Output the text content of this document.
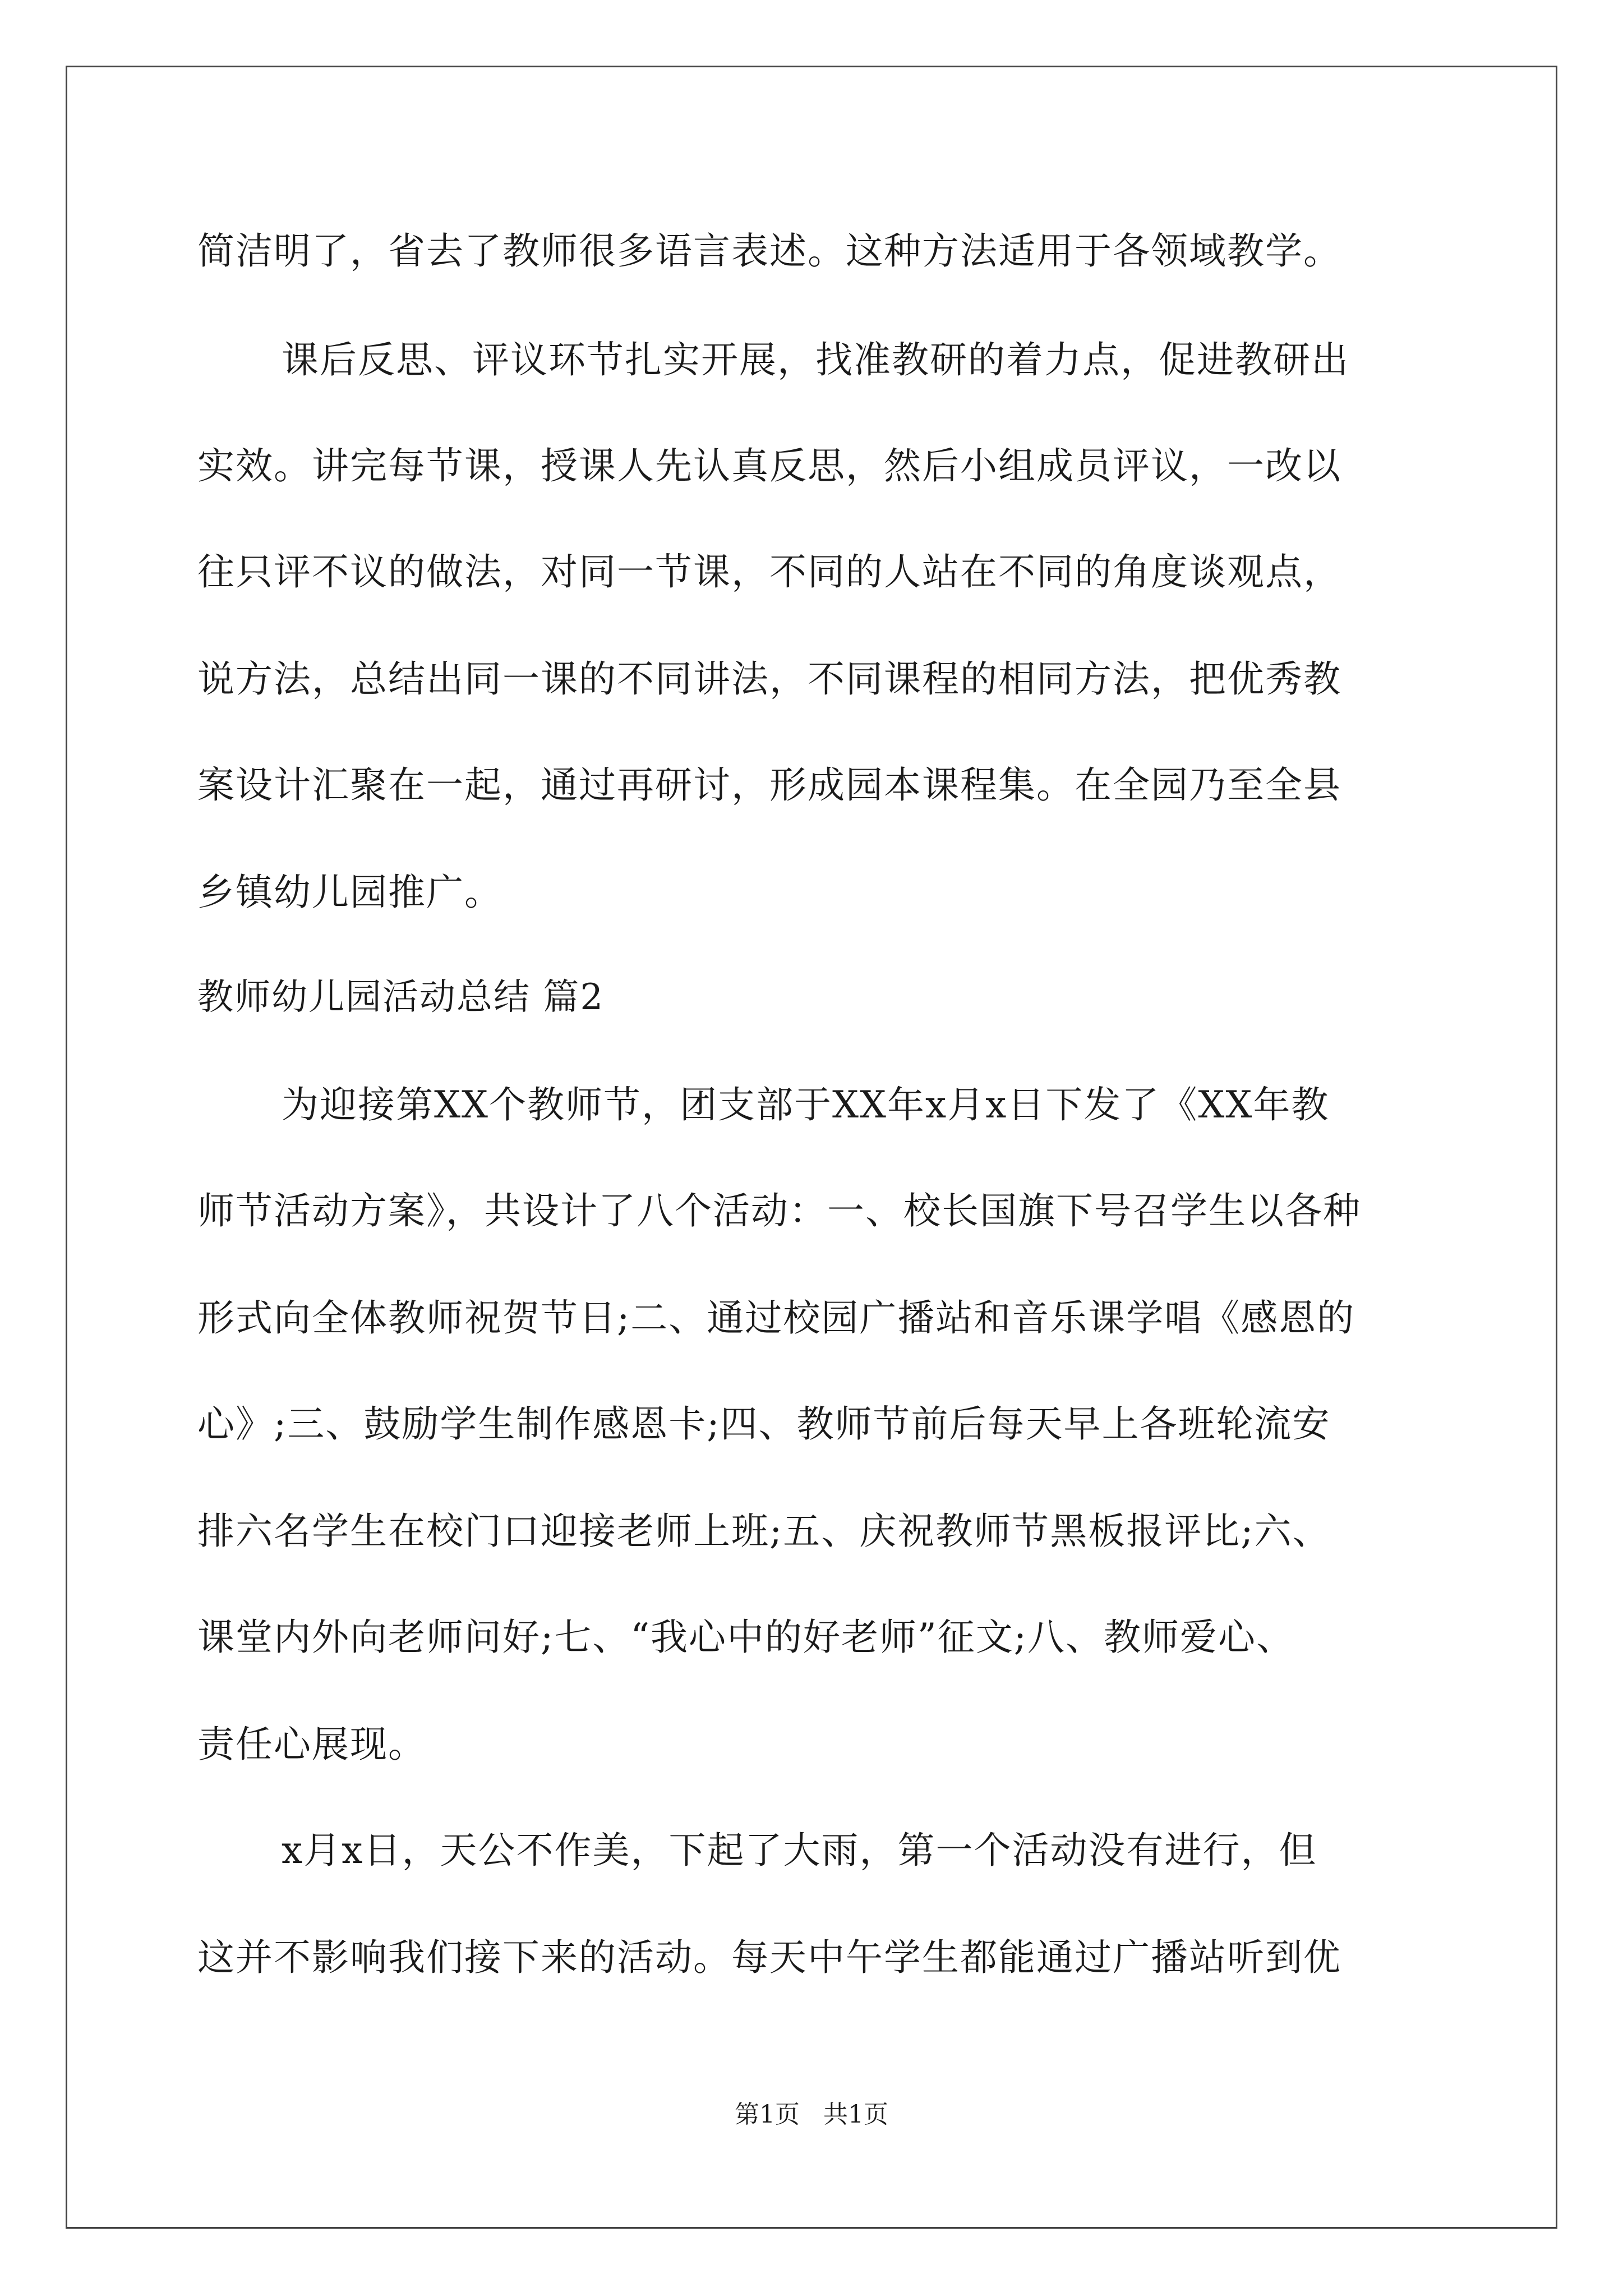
简洁明了，省去了教师很多语言表述。这种方法适用于各领域教学。
课后反思、评议环节扎实开展，找准教研的着力点，促进教研出
实效。讲完每节课，授课人先认真反思，然后小组成员评议，一改以
往只评不议的做法，对同一节课，不同的人站在不同的角度谈观点，
说方法，总结出同一课的不同讲法，不同课程的相同方法，把优秀教
案设计汇聚在一起，通过再研讨，形成园本课程集。在全园乃至全县
乡镇幼儿园推广。
教师幼儿园活动总结 篇2
为迎接第XX个教师节，团支部于XX年x月x日下发了《XX年教
师节活动方案》，共设计了八个活动：一、校长国旗下号召学生以各种
形式向全体教师祝贺节日;二、通过校园广播站和音乐课学唱《感恩的
心》;三、鼓励学生制作感恩卡;四、教师节前后每天早上各班轮流安
排六名学生在校门口迎接老师上班;五、庆祝教师节黑板报评比;六、
课堂内外向老师问好;七、“我心中的好老师”征文;八、教师爱心、
责任心展现。
x月x日，天公不作美，下起了大雨，第一个活动没有进行，但
这并不影响我们接下来的活动。每天中午学生都能通过广播站听到优
第1页   共1页
